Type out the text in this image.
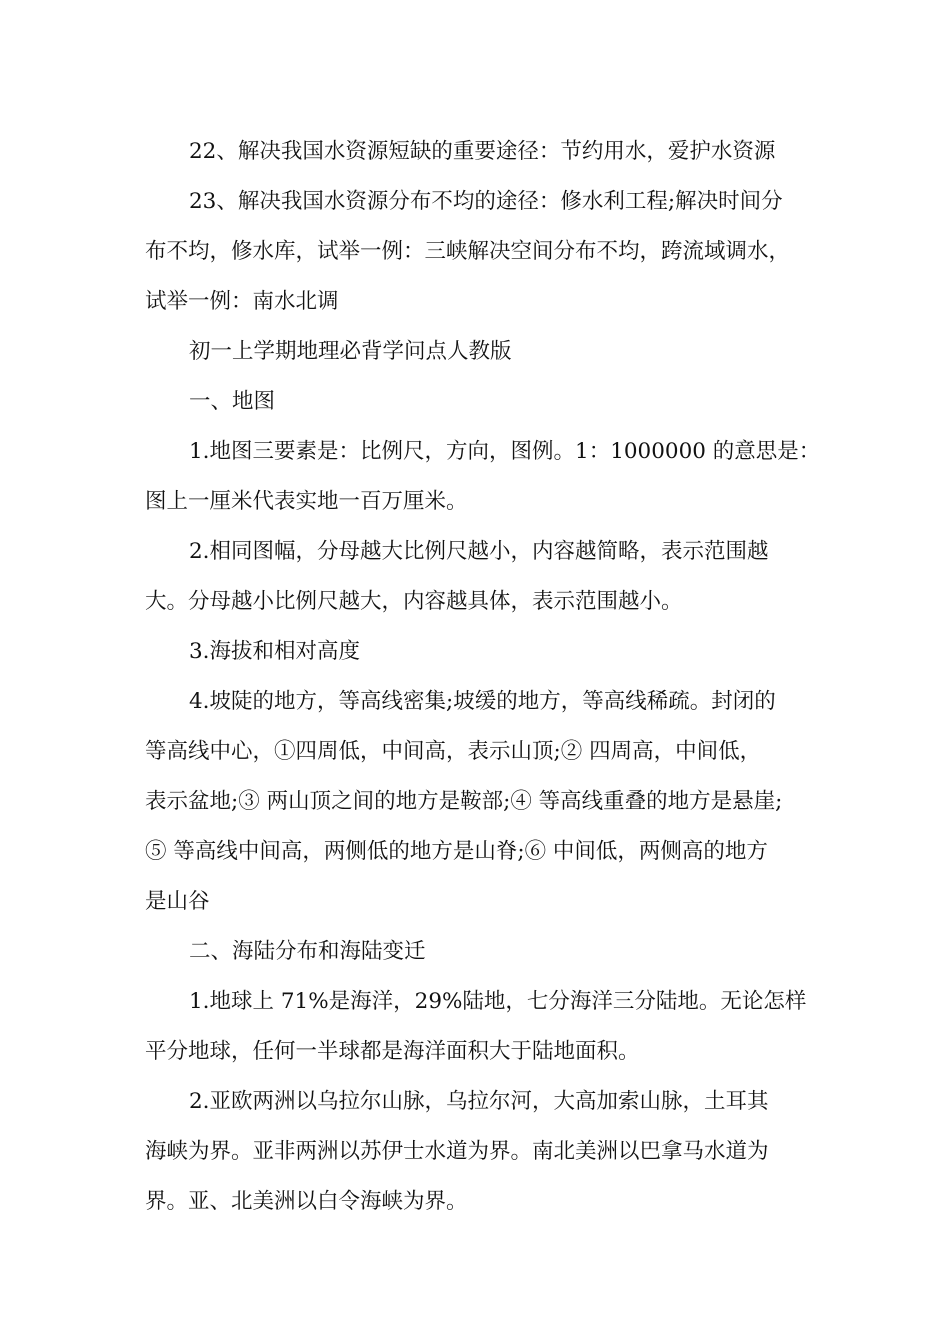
22、解决我国水资源短缺的重要途径：节约用水，爱护水资源
23、解决我国水资源分布不均的途径：修水利工程;解决时间分
布不均，修水库，试举一例：三峡解决空间分布不均，跨流域调水，
试举一例：南水北调
初一上学期地理必背学问点人教版
一、地图
1.地图三要素是：比例尺，方向，图例。1：1000000 的意思是：
图上一厘米代表实地一百万厘米。
2.相同图幅，分母越大比例尺越小，内容越简略，表示范围越
大。分母越小比例尺越大，内容越具体，表示范围越小。
3.海拔和相对高度
4.坡陡的地方，等高线密集;坡缓的地方，等高线稀疏。封闭的
等高线中心，①四周低，中间高，表示山顶;② 四周高，中间低，
表示盆地;③ 两山顶之间的地方是鞍部;④ 等高线重叠的地方是悬崖;
⑤ 等高线中间高，两侧低的地方是山脊;⑥ 中间低，两侧高的地方
是山谷
二、海陆分布和海陆变迁
1.地球上 71%是海洋，29%陆地，七分海洋三分陆地。无论怎样
平分地球，任何一半球都是海洋面积大于陆地面积。
2.亚欧两洲以乌拉尔山脉，乌拉尔河，大高加索山脉，土耳其
海峡为界。亚非两洲以苏伊士水道为界。南北美洲以巴拿马水道为
界。亚、北美洲以白令海峡为界。
